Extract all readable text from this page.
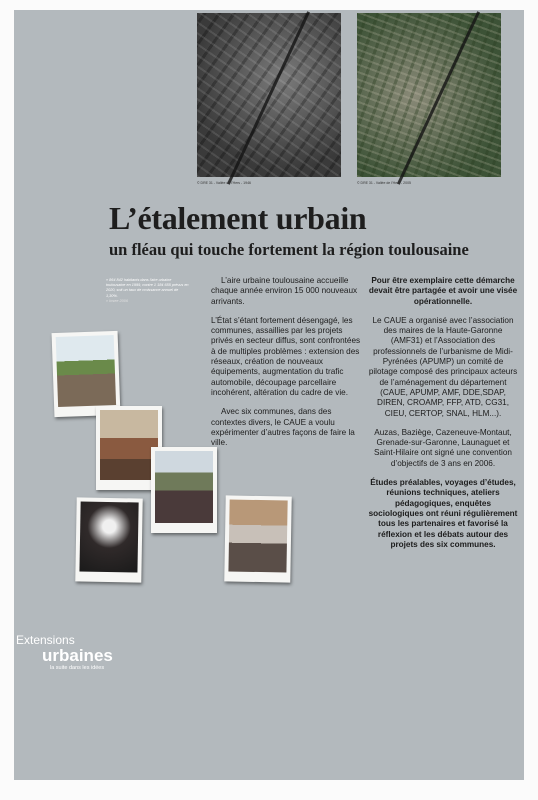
© DRE 31 - Vallée de l'Hers - 1946	© DRE 31 - Vallée de l'Hers - 2005
L’étalement urbain
un fléau qui touche fortement la région toulousaine
« 864 842 habitants dans l'aire urbaine toulousaine en 1999, contre 1 184 655 prévus en 2020, soit un taux de croissance annuel de 1,30%.
» Insee 2006

L’aire urbaine toulousaine accueille chaque année environ 15 000 nouveaux arrivants.

L’État s’étant fortement désengagé, les communes, assaillies par les projets privés en secteur diffus, sont confrontées à de multiples problèmes : extension des réseaux, création de nouveaux équipements, augmentation du trafic automobile, découpage parcellaire incohérent, altération du cadre de vie.

Avec six communes, dans des contextes divers, le CAUE a voulu expérimenter d’autres façons de faire la ville.

Pour être exemplaire cette démarche devait être partagée et avoir une visée opérationnelle.

Le CAUE a organisé avec l’association des maires de la Haute-Garonne (AMF31) et l’Association des professionnels de l’urbanisme de Midi-Pyrénées (APUMP) un comité de pilotage composé des principaux acteurs de l’aménagement du département (CAUE, APUMP, AMF, DDE,SDAP, DIREN, CROAMP, FFP, ATD, CG31, CIEU, CERTOP, SNAL, HLM...).

Auzas, Baziège, Cazeneuve-Montaut, Grenade-sur-Garonne, Launaguet et Saint-Hilaire ont signé une convention d’objectifs de 3 ans en 2006.

Études préalables, voyages d’études, réunions techniques, ateliers pédagogiques, enquêtes sociologiques ont réuni régulièrement tous les partenaires et favorisé la réflexion et les débats autour des projets des six communes.

Extensions
urbaines
la suite dans les idées
